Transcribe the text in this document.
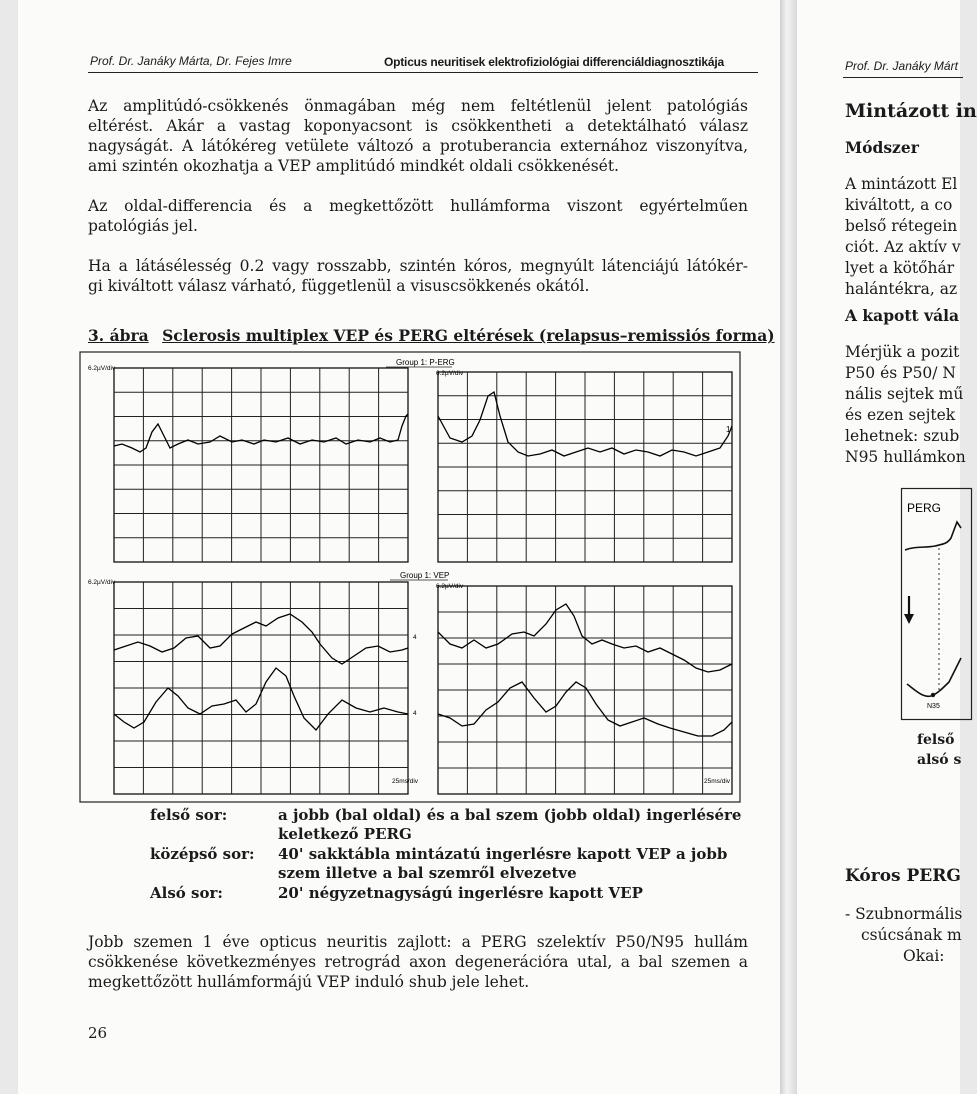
Prof. Dr. Janáky Márta, Dr. Fejes Imre	Opticus neuritisek elektrofiziológiai differenciáldiagnosztikája
Az amplitúdó-csökkenés önmagában még nem feltétlenül jelent patológiás
eltérést. Akár a vastag koponyacsont is csökkentheti a detektálható válasz
nagyságát. A látókéreg vetülete változó a protuberancia externához viszonyítva,
ami szintén okozhatja a VEP amplitúdó mindkét oldali csökkenését.
Az oldal-differencia és a megkettőzött hullámforma viszont egyértelműen
patológiás jel.
Ha a látásélesség 0.2 vagy rosszabb, szintén kóros, megnyúlt látenciájú látókér-
gi kiváltott válasz várható, függetlenül a visuscsökkenés okától.
3. ábra Sclerosis multiplex VEP és PERG eltérések (relapsus–remissiós forma)
Group 1: P-ERG
6.2µV/div
6.2µV/div
1
Group 1: VEP
6.2µV/div
6.2µV/div
4
4
25ms/div	25ms/div
felső sor:	a jobb (bal oldal) és a bal szem (jobb oldal) ingerlésére
keletkező PERG
középső sor: 40' sakktábla mintázatú ingerlésre kapott VEP a jobb
szem illetve a bal szemről elvezetve
Alsó sor:	20' négyzetnagyságú ingerlésre kapott VEP
Jobb szemen 1 éve opticus neuritis zajlott: a PERG szelektív P50/N95 hullám
csökkenése következményes retrográd axon degenerációra utal, a bal szemen a
megkettőzött hullámformájú VEP induló shub jele lehet.
26
Prof. Dr. Janáky Márt
Mintázott in
Módszer
A mintázott El
kiváltott, a co
belső rétegein
ciót. Az aktív v
lyet a kötőhár
halántékra, az
A kapott vála
Mérjük a pozit
P50 és P50/ N
nális sejtek mű
és ezen sejtek
lehetnek: szub
N95 hullámkon
PERG
N35
felső
alsó s
Kóros PERG
- Szubnormális
csúcsának m
Okai:
